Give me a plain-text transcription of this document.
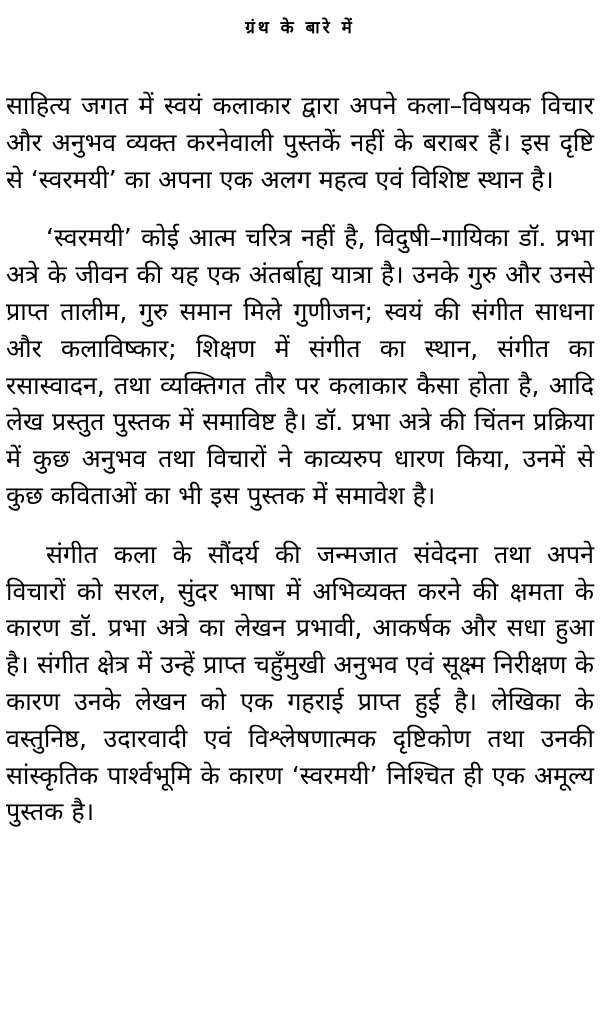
ग्रंथ के बारे में

साहित्य जगत में स्वयं कलाकार द्वारा अपने कला–विषयक विचार और अनुभव व्यक्त करनेवाली पुस्तकें नहीं के बराबर हैं। इस दृष्टि से ‘स्वरमयी’ का अपना एक अलग महत्व एवं विशिष्ट स्थान है।

‘स्वरमयी’ कोई आत्म चरित्र नहीं है, विदुषी–गायिका डॉ. प्रभा अत्रे के जीवन की यह एक अंतर्बाह्य यात्रा है। उनके गुरु और उनसे प्राप्त तालीम, गुरु समान मिले गुणीजन; स्वयं की संगीत साधना और कलाविष्कार; शिक्षण में संगीत का स्थान, संगीत का रसास्वादन, तथा व्यक्तिगत तौर पर कलाकार कैसा होता है, आदि लेख प्रस्तुत पुस्तक में समाविष्ट है। डॉ. प्रभा अत्रे की चिंतन प्रक्रिया में कुछ अनुभव तथा विचारों ने काव्यरुप धारण किया, उनमें से कुछ कविताओं का भी इस पुस्तक में समावेश है।

संगीत कला के सौंदर्य की जन्मजात संवेदना तथा अपने विचारों को सरल, सुंदर भाषा में अभिव्यक्त करने की क्षमता के कारण डॉ. प्रभा अत्रे का लेखन प्रभावी, आकर्षक और सधा हुआ है। संगीत क्षेत्र में उन्हें प्राप्त चहुँमुखी अनुभव एवं सूक्ष्म निरीक्षण के कारण उनके लेखन को एक गहराई प्राप्त हुई है। लेखिका के वस्तुनिष्ठ, उदारवादी एवं विश्लेषणात्मक दृष्टिकोण तथा उनकी सांस्कृतिक पार्श्वभूमि के कारण ‘स्वरमयी’ निश्चित ही एक अमूल्य पुस्तक है।
